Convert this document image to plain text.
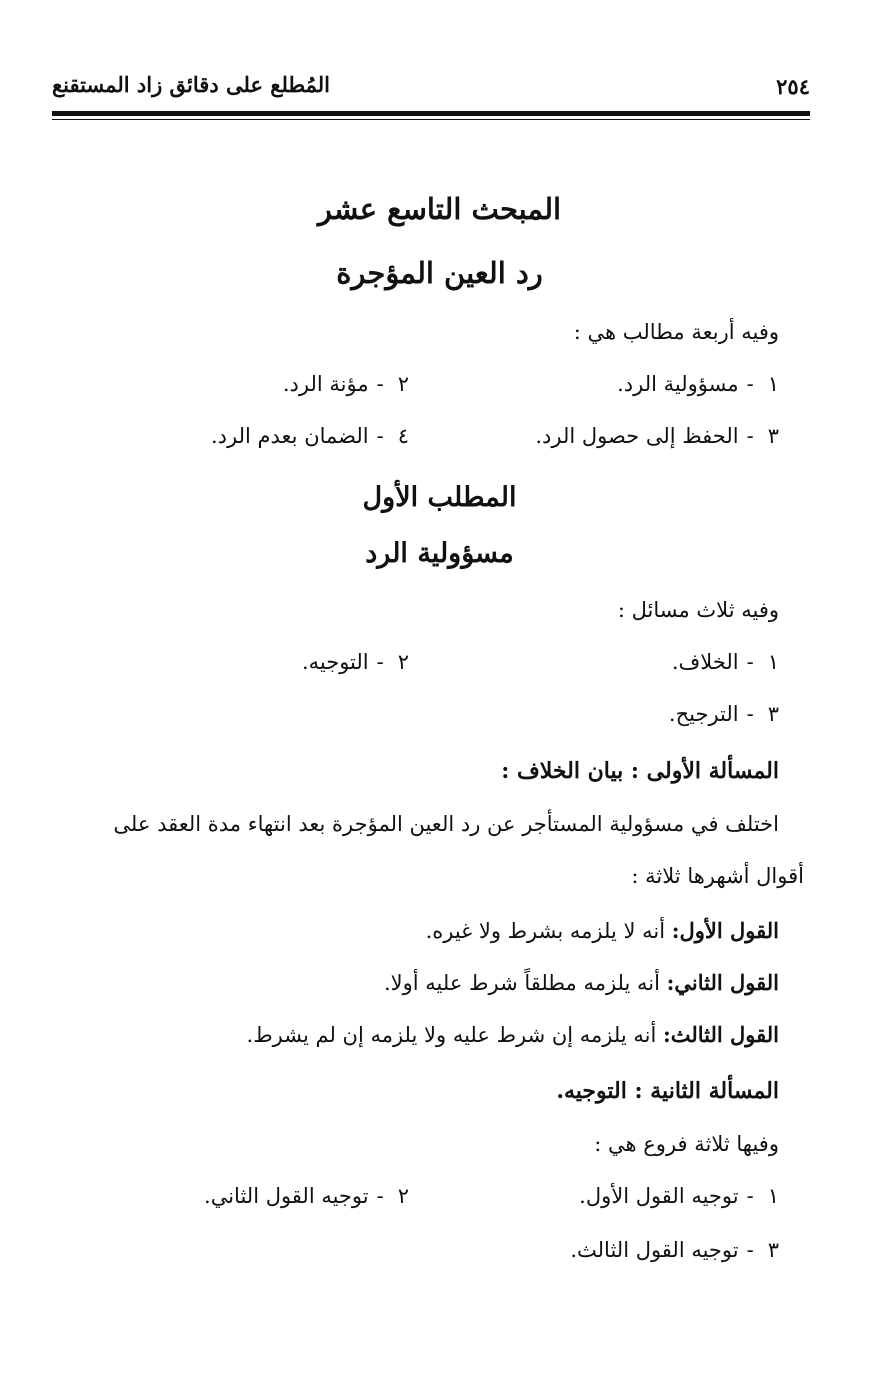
٢٥٤
المُطلع على دقائق زاد المستقنع
المبحث التاسع عشر
رد العين المؤجرة
وفيه أربعة مطالب هي :
١-مسؤولية الرد.
٢-مؤنة الرد.
٣-الحفظ إلى حصول الرد.
٤-الضمان بعدم الرد.
المطلب الأول
مسؤولية الرد
وفيه ثلاث مسائل :
١-الخلاف.
٢-التوجيه.
٣-الترجيح.
المسألة الأولى : بيان الخلاف :
اختلف في مسؤولية المستأجر عن رد العين المؤجرة بعد انتهاء مدة العقد على
أقوال أشهرها ثلاثة :
القول الأول: أنه لا يلزمه بشرط ولا غيره.
القول الثاني: أنه يلزمه مطلقاً شرط عليه أولا.
القول الثالث: أنه يلزمه إن شرط عليه ولا يلزمه إن لم يشرط.
المسألة الثانية : التوجيه.
وفيها ثلاثة فروع هي :
١-توجيه القول الأول.
٢-توجيه القول الثاني.
٣-توجيه القول الثالث.
